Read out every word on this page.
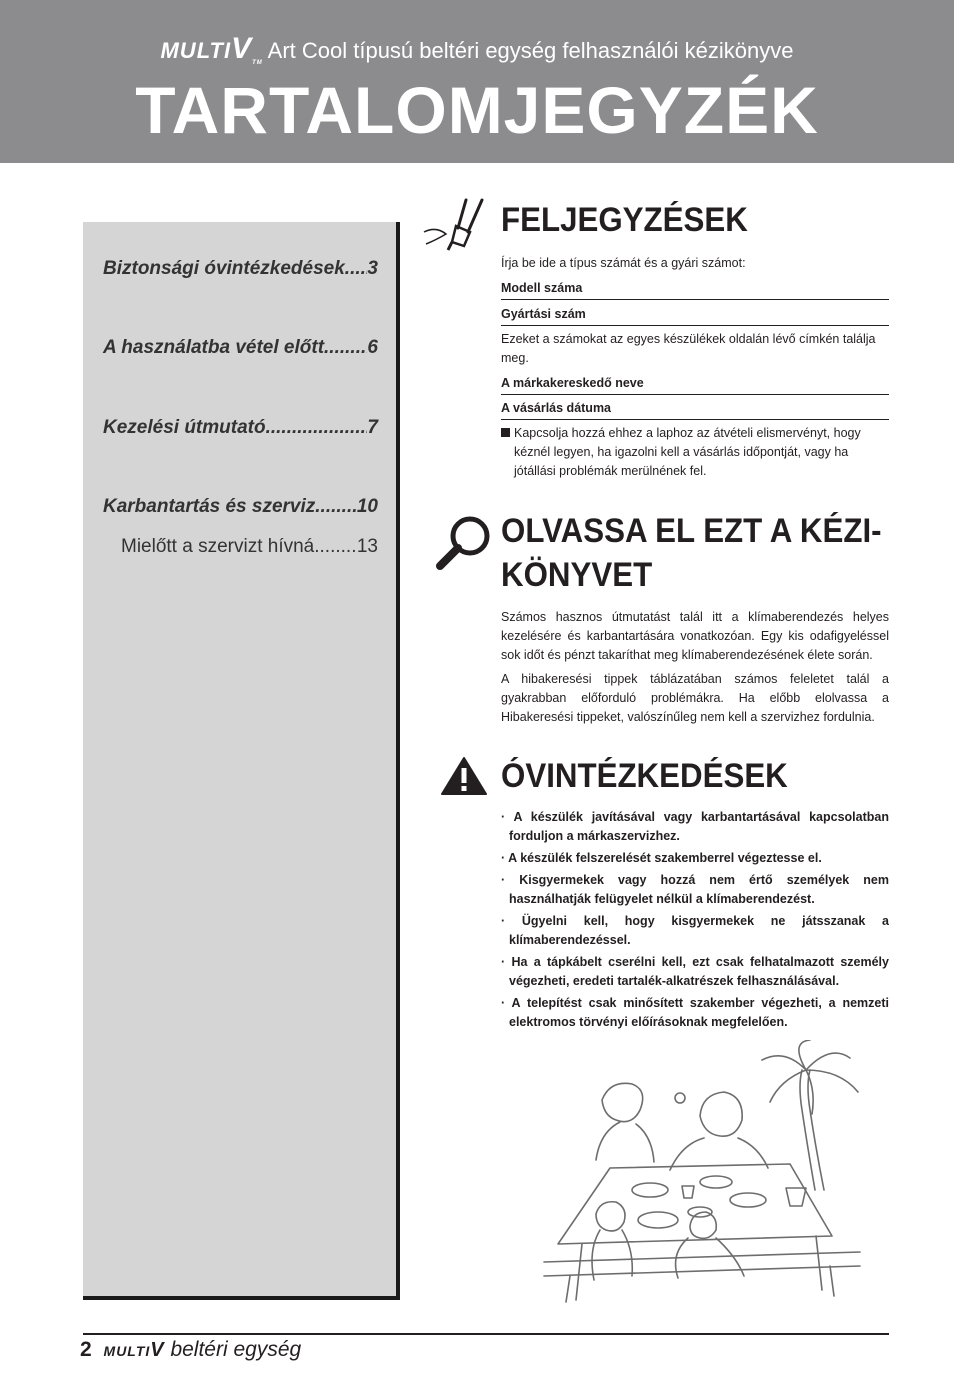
MULTIVTM Art Cool típusú beltéri egység felhasználói kézikönyve
TARTALOMJEGYZÉK
Biztonsági óvintézkedések ..... 3
A használatba vétel előtt ..... 6
Kezelési útmutató .....	7
Karbantartás és szerviz ..... 10
Mielőtt a szervizt hívná ..... 13
FELJEGYZÉSEK
Írja be ide a típus számát és a gyári számot:
Modell száma
Gyártási szám
Ezeket a számokat az egyes készülékek oldalán lévő címkén találja meg.
A márkakereskedő neve
A vásárlás dátuma
Kapcsolja hozzá ehhez a laphoz az átvételi elismervényt, hogy kéznél legyen, ha igazolni kell a vásárlás időpontját, vagy ha jótállási problémák merülnének fel.
OLVASSA EL EZT A KÉZI-
KÖNYVET
Számos hasznos útmutatást talál itt a klímaberendezés helyes kezelésére és karbantartására vonatkozóan. Egy kis odafigyeléssel sok időt és pénzt takaríthat meg klímaberendezésének élete során.
A hibakeresési tippek táblázatában számos feleletet talál a gyakrabban előforduló problémákra. Ha előbb elolvassa a Hibakeresési tippeket, valószínűleg nem kell a szervizhez fordulnia.
ÓVINTÉZKEDÉSEK
· A készülék javításával vagy karbantartásával kapcsolatban forduljon a márkaszervizhez.
· A készülék felszerelését szakemberrel végeztesse el.
· Kisgyermekek vagy hozzá nem értő személyek nem használhatják felügyelet nélkül a klímaberendezést.
· Ügyelni kell, hogy kisgyermekek ne játsszanak a klímaberendezéssel.
· Ha a tápkábelt cserélni kell, ezt csak felhatalmazott személy végezheti, eredeti tartalék-alkatrészek felhasználásával.
· A telepítést csak minősített szakember végezheti, a nemzeti elektromos törvényi előírásoknak megfelelően.
2 MULTIV beltéri egység
